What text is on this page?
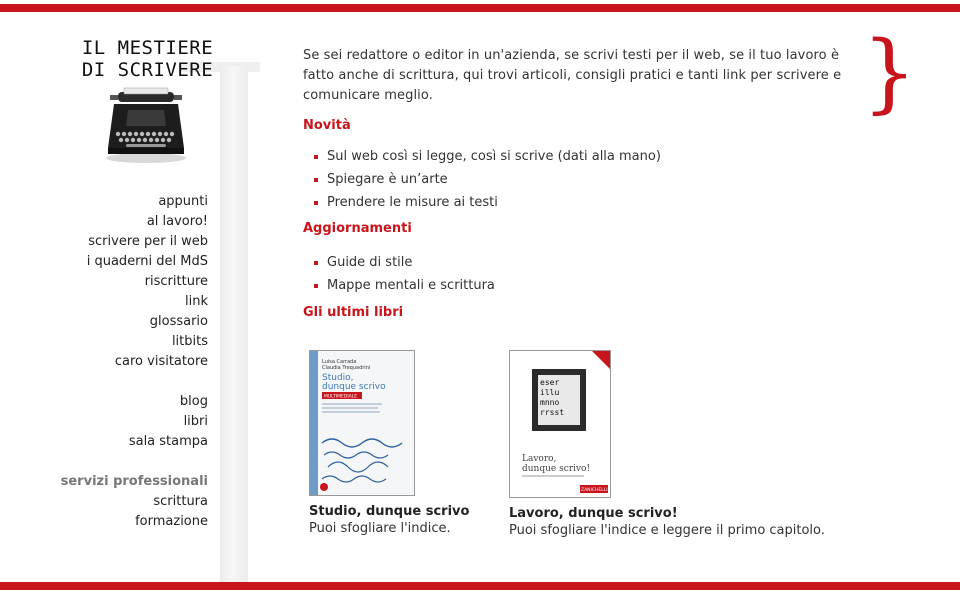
IL MESTIERE
DI SCRIVERE
appunti
al lavoro!
scrivere per il web
i quaderni del MdS
riscritture
link
glossario
litbits
caro visitatore
blog
libri
sala stampa
servizi professionali
scrittura
formazione
}

Se sei redattore o editor in un'azienda, se scrivi testi per il web, se il tuo lavoro è fatto anche di scrittura, qui trovi articoli, consigli pratici e tanti link per scrivere e comunicare meglio.

Novità
Sul web così si legge, così si scrive (dati alla mano)
Spiegare è un’arte
Prendere le misure ai testi
Aggiornamenti
Guide di stile
Mappe mentali e scrittura
Gli ultimi libri
Luisa Carrada
Claudia Trequadrini
Studio,
dunque scrivo
MULTIMEDIALE
Studio, dunque scrivo
Puoi sfogliare l'indice.
eser
illu
mnno
rrsst
Lavoro,
dunque scrivo!
ZANICHELLI
Lavoro, dunque scrivo!
Puoi sfogliare l'indice e leggere il primo capitolo.
